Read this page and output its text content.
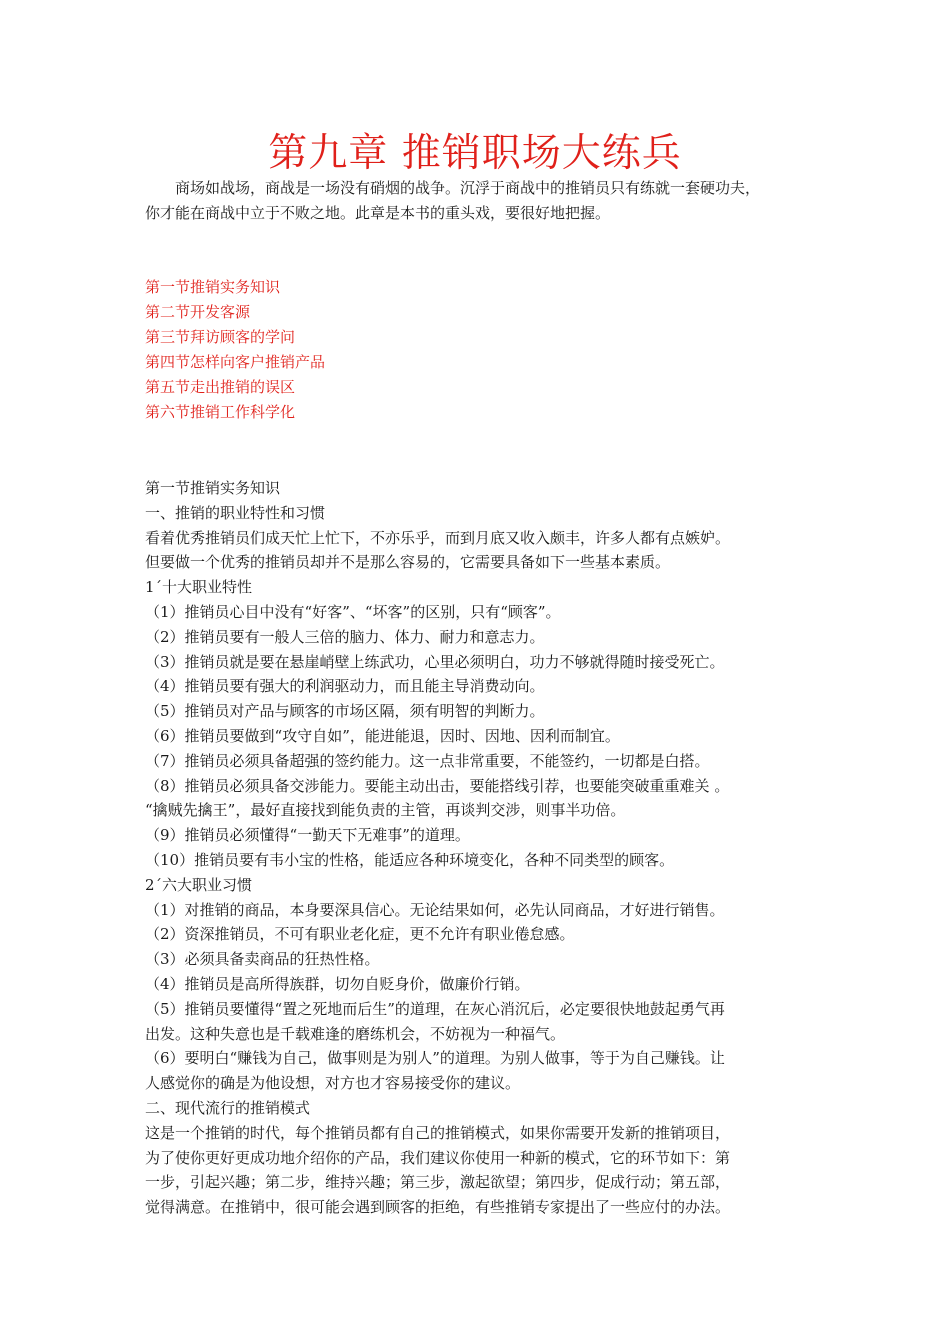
第九章 推销职场大练兵

商场如战场，商战是一场没有硝烟的战争。沉浮于商战中的推销员只有练就一套硬功夫，

你才能在商战中立于不败之地。此章是本书的重头戏，要很好地把握。

第一节推销实务知识
第二节开发客源
第三节拜访顾客的学问
第四节怎样向客户推销产品
第五节走出推销的误区
第六节推销工作科学化
第一节推销实务知识
一、推销的职业特性和习惯
看着优秀推销员们成天忙上忙下，不亦乐乎，而到月底又收入颇丰，许多人都有点嫉妒。
但要做一个优秀的推销员却并不是那么容易的，它需要具备如下一些基本素质。
1ˊ十大职业特性
（1）推销员心目中没有“好客”、“坏客”的区别，只有“顾客”。
（2）推销员要有一般人三倍的脑力、体力、耐力和意志力。
（3）推销员就是要在悬崖峭壁上练武功，心里必须明白，功力不够就得随时接受死亡。
（4）推销员要有强大的利润驱动力，而且能主导消费动向。
（5）推销员对产品与顾客的市场区隔，须有明智的判断力。
（6）推销员要做到“攻守自如”，能进能退，因时、因地、因利而制宜。
（7）推销员必须具备超强的签约能力。这一点非常重要，不能签约，一切都是白搭。
（8）推销员必须具备交涉能力。要能主动出击，要能搭线引荐，也要能突破重重难关 。
“擒贼先擒王”，最好直接找到能负责的主管，再谈判交涉，则事半功倍。
（9）推销员必须懂得“一勤天下无难事”的道理。
（10）推销员要有韦小宝的性格，能适应各种环境变化，各种不同类型的顾客。
2ˊ六大职业习惯
（1）对推销的商品，本身要深具信心。无论结果如何，必先认同商品，才好进行销售。
（2）资深推销员，不可有职业老化症，更不允许有职业倦怠感。
（3）必须具备卖商品的狂热性格。
（4）推销员是高所得族群，切勿自贬身价，做廉价行销。
（5）推销员要懂得“置之死地而后生”的道理，在灰心消沉后，必定要很快地鼓起勇气再
出发。这种失意也是千载难逢的磨练机会，不妨视为一种福气。
（6）要明白“赚钱为自己，做事则是为别人”的道理。为别人做事，等于为自己赚钱。让
人感觉你的确是为他设想，对方也才容易接受你的建议。
二、现代流行的推销模式
这是一个推销的时代，每个推销员都有自己的推销模式，如果你需要开发新的推销项目，
为了使你更好更成功地介绍你的产品，我们建议你使用一种新的模式，它的环节如下：第
一步，引起兴趣；第二步，维持兴趣；第三步，激起欲望；第四步，促成行动；第五部，
觉得满意。在推销中，很可能会遇到顾客的拒绝，有些推销专家提出了一些应付的办法。
